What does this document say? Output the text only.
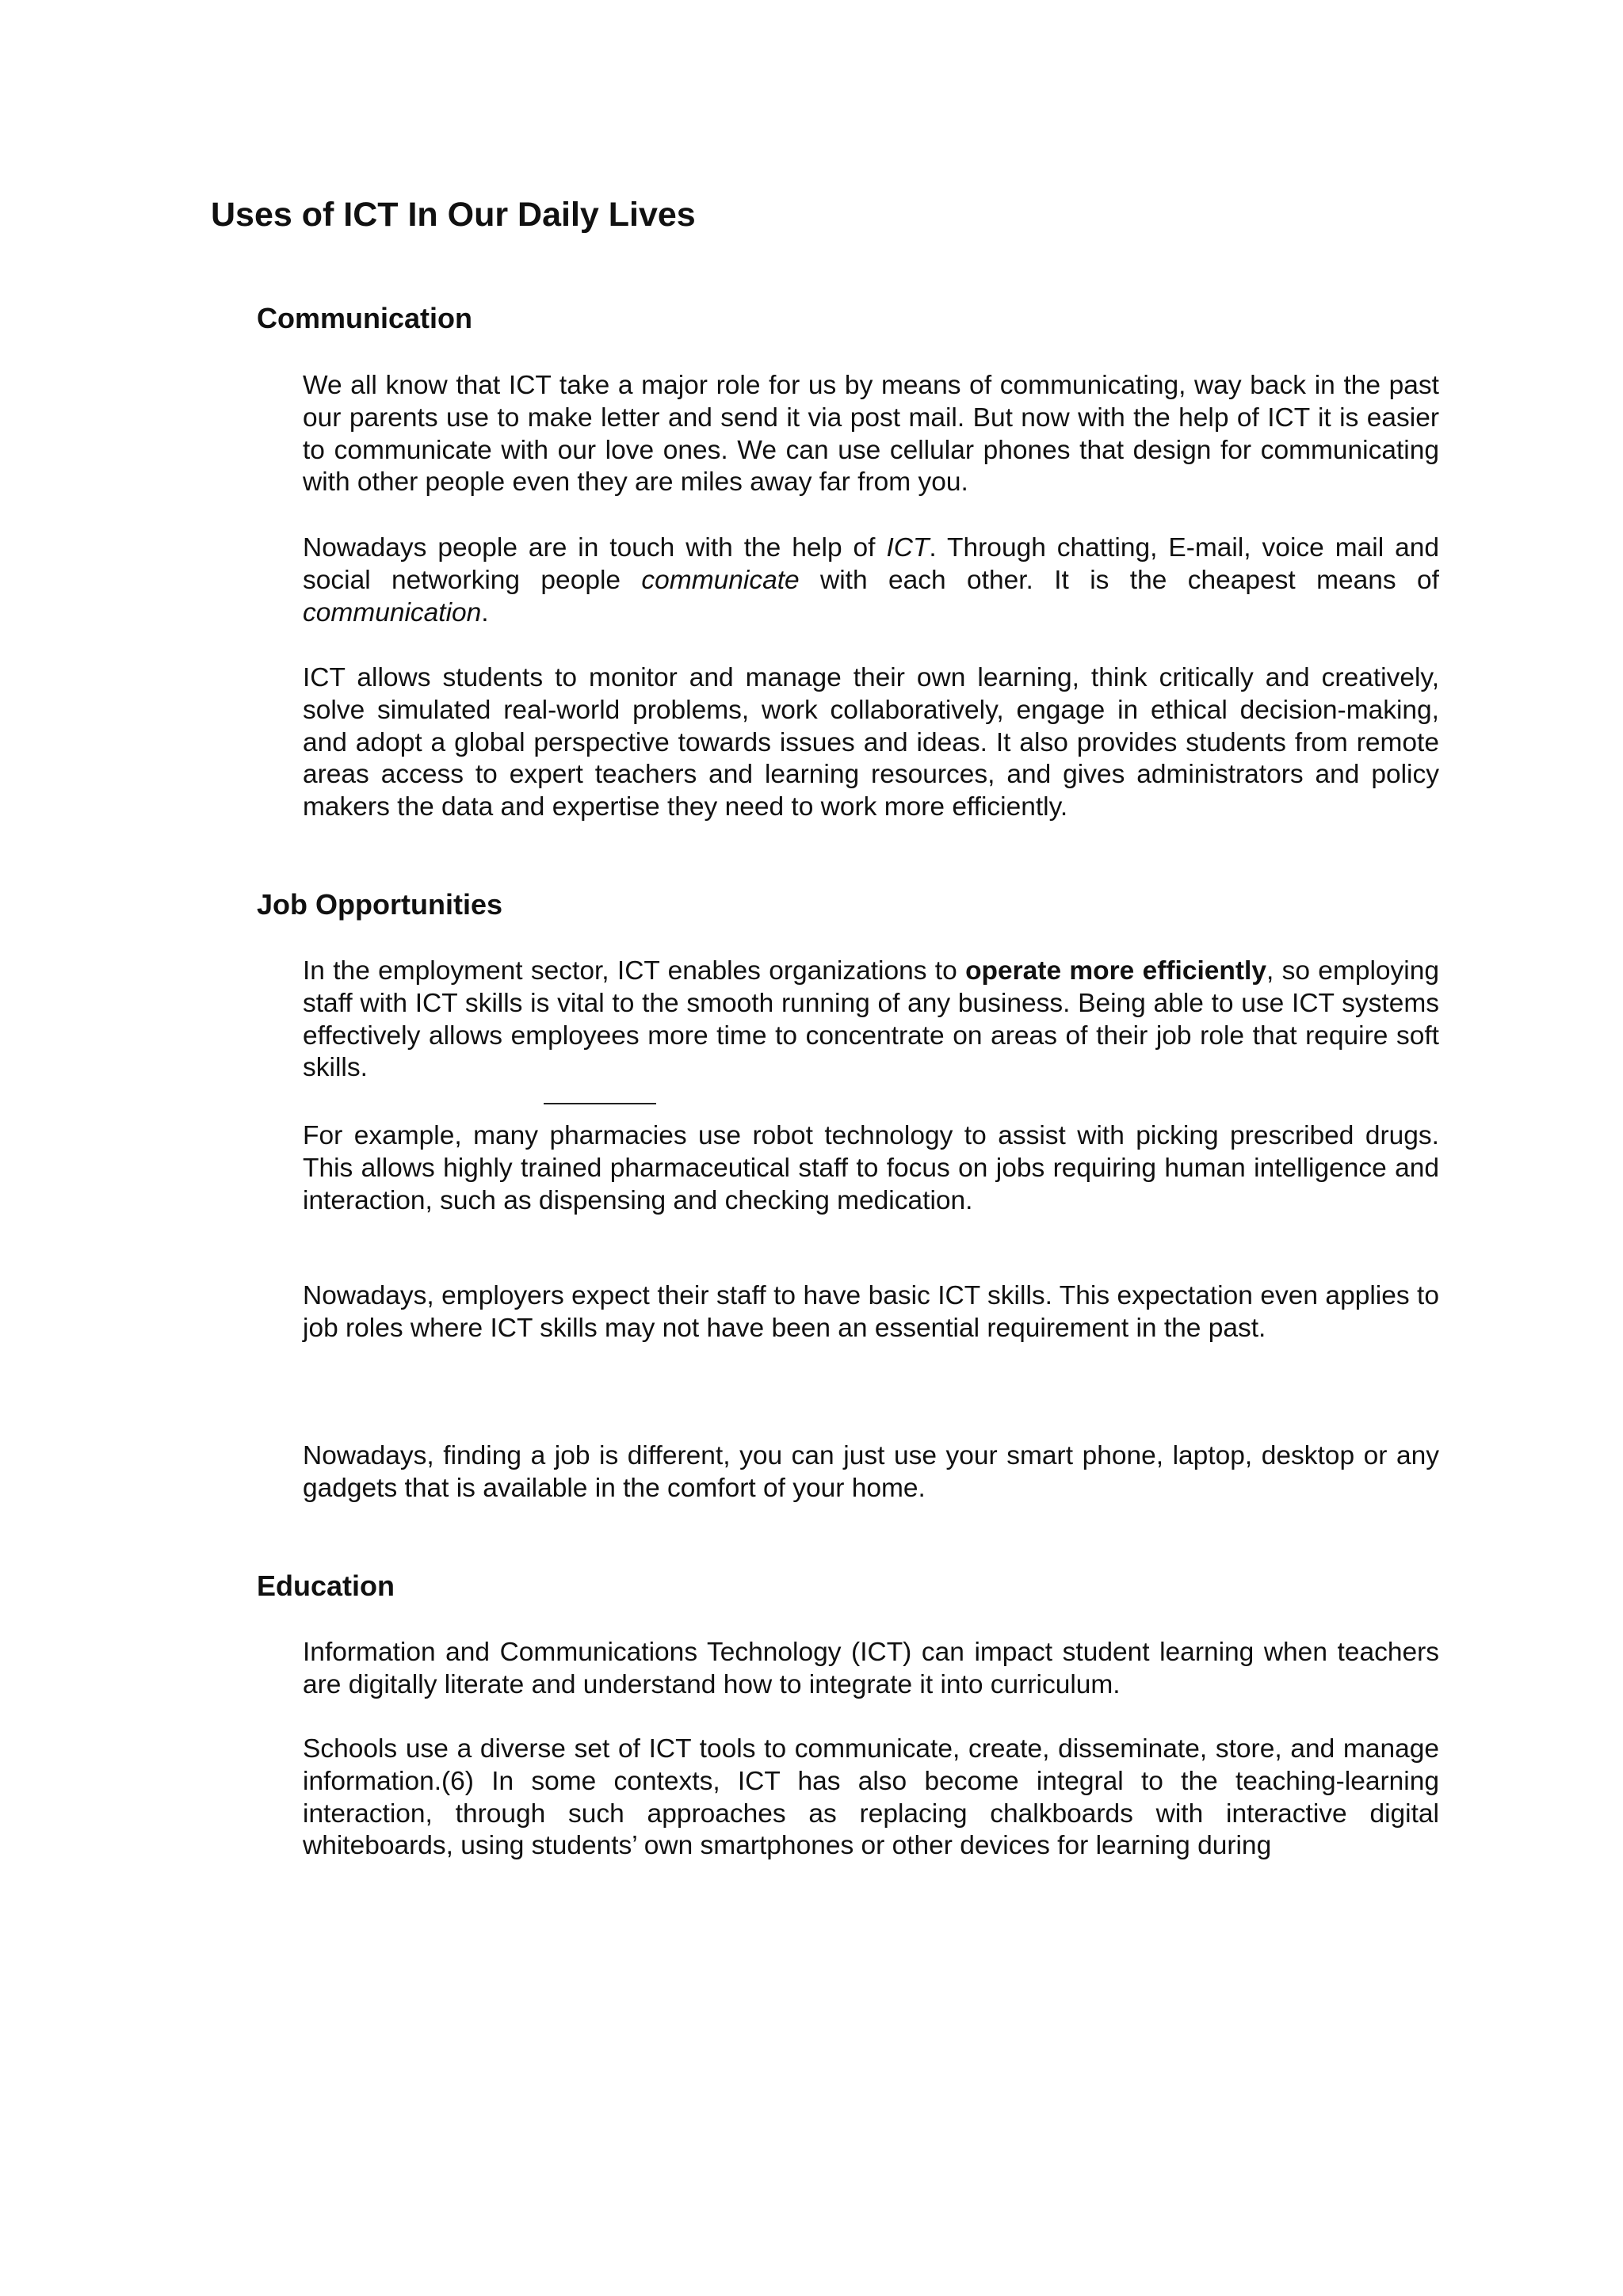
Uses of ICT In Our Daily Lives
Communication

We all know that ICT take a major role for us by means of communicating, way back in the past our parents use to make letter and send it via post mail. But now with the help of ICT it is easier to communicate with our love ones. We can use cellular phones that design for communicating with other people even they are miles away far from you.

Nowadays people are in touch with the help of ICT. Through chatting, E-mail, voice mail and social networking people communicate with each other. It is the cheapest means of communication.

ICT allows students to monitor and manage their own learning, think critically and creatively, solve simulated real-world problems, work collaboratively, engage in ethical decision-making, and adopt a global perspective towards issues and ideas. It also provides students from remote areas access to expert teachers and learning resources, and gives administrators and policy makers the data and expertise they need to work more efficiently.

Job Opportunities

In the employment sector, ICT enables organizations to operate more efficiently, so employing staff with ICT skills is vital to the smooth running of any business. Being able to use ICT systems effectively allows employees more time to concentrate on areas of their job role that require soft skills.

For example, many pharmacies use robot technology to assist with picking prescribed drugs. This allows highly trained pharmaceutical staff to focus on jobs requiring human intelligence and interaction, such as dispensing and checking medication.

Nowadays, employers expect their staff to have basic ICT skills. This expectation even applies to job roles where ICT skills may not have been an essential requirement in the past.

Nowadays, finding a job is different, you can just use your smart phone, laptop, desktop or any gadgets that is available in the comfort of your home.

Education

Information and Communications Technology (ICT) can impact student learning when teachers are digitally literate and understand how to integrate it into curriculum.

Schools use a diverse set of ICT tools to communicate, create, disseminate, store, and manage information.(6) In some contexts, ICT has also become integral to the teaching-learning interaction, through such approaches as replacing chalkboards with interactive digital whiteboards, using students’ own smartphones or other devices for learning during
